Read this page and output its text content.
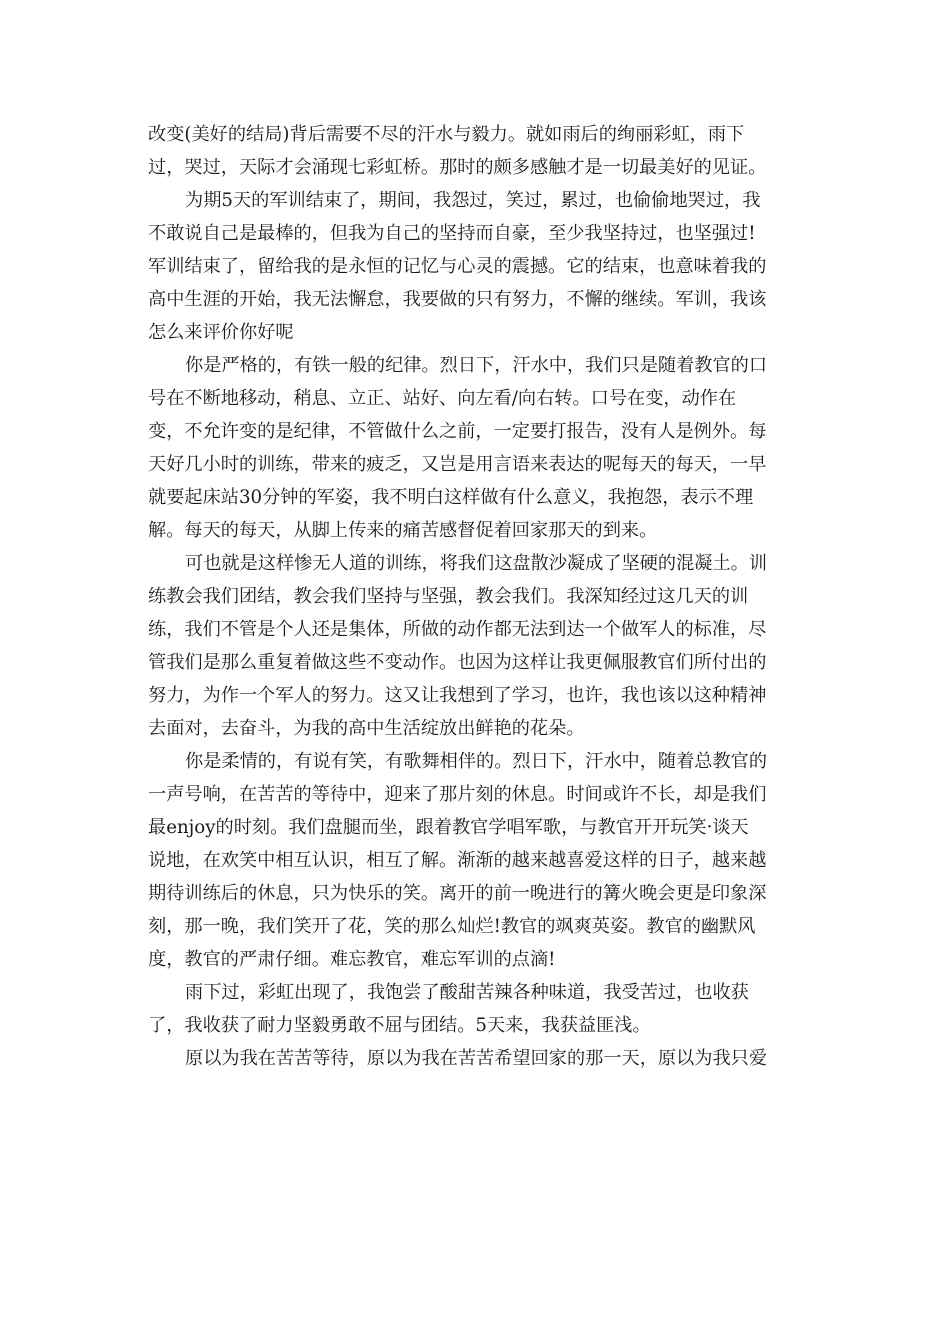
改变(美好的结局)背后需要不尽的汗水与毅力。就如雨后的绚丽彩虹，雨下
过，哭过，天际才会涌现七彩虹桥。那时的颇多感触才是一切最美好的见证。
为期5天的军训结束了，期间，我怨过，笑过，累过，也偷偷地哭过，我
不敢说自己是最棒的，但我为自己的坚持而自豪，至少我坚持过，也坚强过!
军训结束了，留给我的是永恒的记忆与心灵的震撼。它的结束，也意味着我的
高中生涯的开始，我无法懈怠，我要做的只有努力，不懈的继续。军训，我该
怎么来评价你好呢
你是严格的，有铁一般的纪律。烈日下，汗水中，我们只是随着教官的口
号在不断地移动，稍息、立正、站好、向左看/向右转。口号在变，动作在
变，不允许变的是纪律，不管做什么之前，一定要打报告，没有人是例外。每
天好几小时的训练，带来的疲乏，又岂是用言语来表达的呢每天的每天，一早
就要起床站30分钟的军姿，我不明白这样做有什么意义，我抱怨，表示不理
解。每天的每天，从脚上传来的痛苦感督促着回家那天的到来。
可也就是这样惨无人道的训练，将我们这盘散沙凝成了坚硬的混凝土。训
练教会我们团结，教会我们坚持与坚强，教会我们。我深知经过这几天的训
练，我们不管是个人还是集体，所做的动作都无法到达一个做军人的标准，尽
管我们是那么重复着做这些不变动作。也因为这样让我更佩服教官们所付出的
努力，为作一个军人的努力。这又让我想到了学习，也许，我也该以这种精神
去面对，去奋斗，为我的高中生活绽放出鲜艳的花朵。
你是柔情的，有说有笑，有歌舞相伴的。烈日下，汗水中，随着总教官的
一声号响，在苦苦的等待中，迎来了那片刻的休息。时间或许不长，却是我们
最enjoy的时刻。我们盘腿而坐，跟着教官学唱军歌，与教官开开玩笑·谈天
说地，在欢笑中相互认识，相互了解。渐渐的越来越喜爱这样的日子，越来越
期待训练后的休息，只为快乐的笑。离开的前一晚进行的篝火晚会更是印象深
刻，那一晚，我们笑开了花，笑的那么灿烂!教官的飒爽英姿。教官的幽默风
度，教官的严肃仔细。难忘教官，难忘军训的点滴!
雨下过，彩虹出现了，我饱尝了酸甜苦辣各种味道，我受苦过，也收获
了，我收获了耐力坚毅勇敢不屈与团结。5天来，我获益匪浅。
原以为我在苦苦等待，原以为我在苦苦希望回家的那一天，原以为我只爱
